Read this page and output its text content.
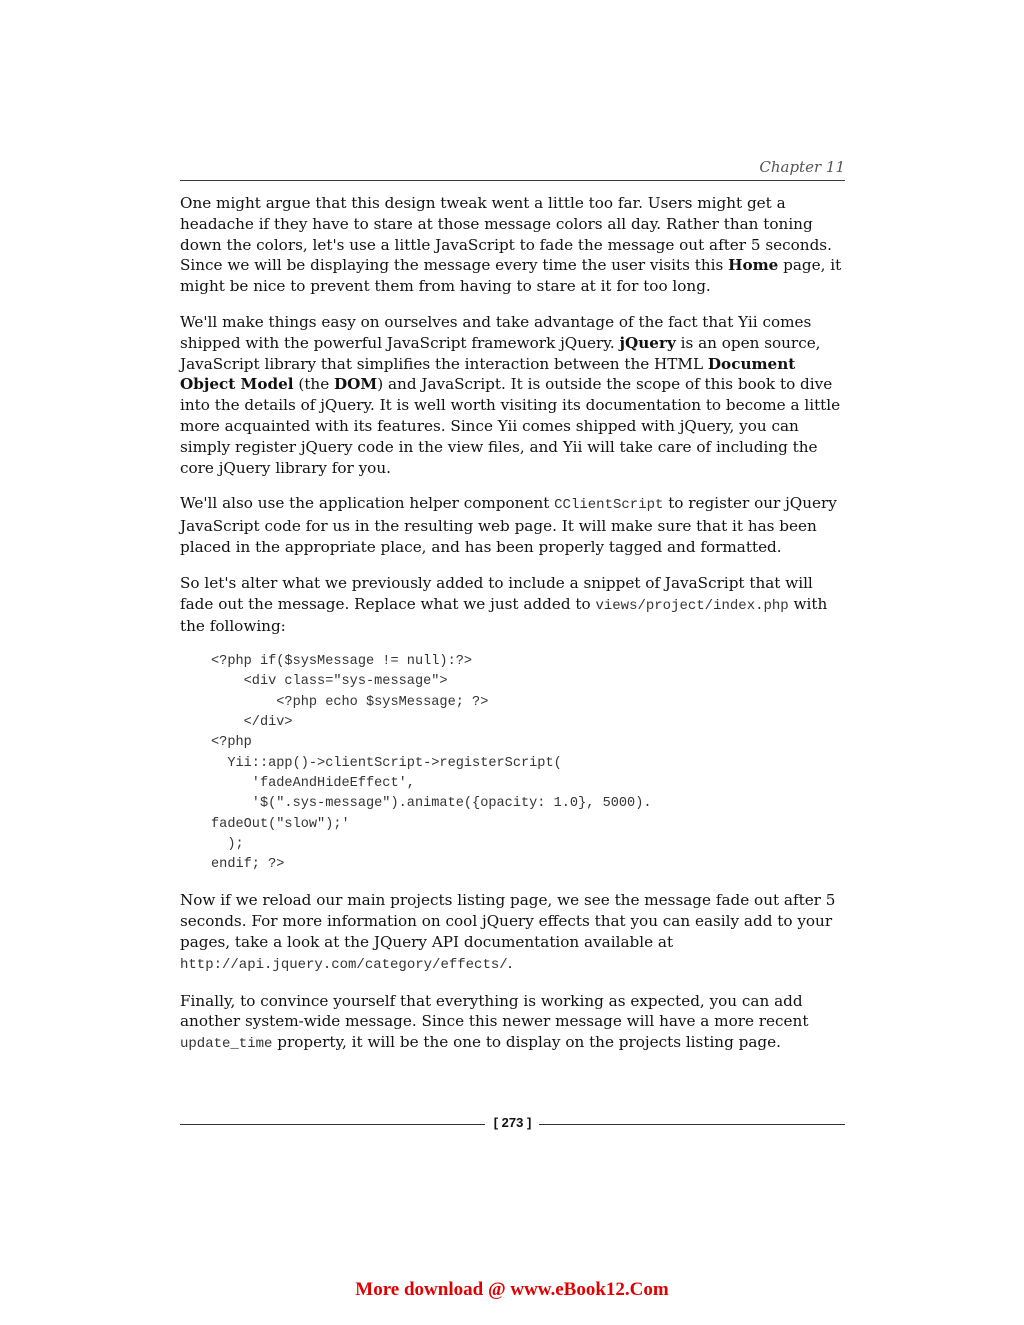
Chapter 11

One might argue that this design tweak went a little too far. Users might get a headache if they have to stare at those message colors all day. Rather than toning down the colors, let's use a little JavaScript to fade the message out after 5 seconds. Since we will be displaying the message every time the user visits this Home page, it might be nice to prevent them from having to stare at it for too long.

We'll make things easy on ourselves and take advantage of the fact that Yii comes shipped with the powerful JavaScript framework jQuery. jQuery is an open source, JavaScript library that simplifies the interaction between the HTML Document Object Model (the DOM) and JavaScript. It is outside the scope of this book to dive into the details of jQuery. It is well worth visiting its documentation to become a little more acquainted with its features. Since Yii comes shipped with jQuery, you can simply register jQuery code in the view files, and Yii will take care of including the core jQuery library for you.

We'll also use the application helper component CClientScript to register our jQuery JavaScript code for us in the resulting web page. It will make sure that it has been placed in the appropriate place, and has been properly tagged and formatted.

So let's alter what we previously added to include a snippet of JavaScript that will fade out the message. Replace what we just added to views/project/index.php with the following:

<?php if($sysMessage != null):?>
<div class="sys-message">
<?php echo $sysMessage; ?>
</div>
<?php
Yii::app()->clientScript->registerScript(
'fadeAndHideEffect',
'$(".sys-message").animate({opacity: 1.0}, 5000).
fadeOut("slow");'
);
endif; ?>

Now if we reload our main projects listing page, we see the message fade out after 5 seconds. For more information on cool jQuery effects that you can easily add to your pages, take a look at the JQuery API documentation available at http://api.jquery.com/category/effects/.

Finally, to convince yourself that everything is working as expected, you can add another system-wide message. Since this newer message will have a more recent update_time property, it will be the one to display on the projects listing page.

[ 273 ]
More download @ www.eBook12.Com
